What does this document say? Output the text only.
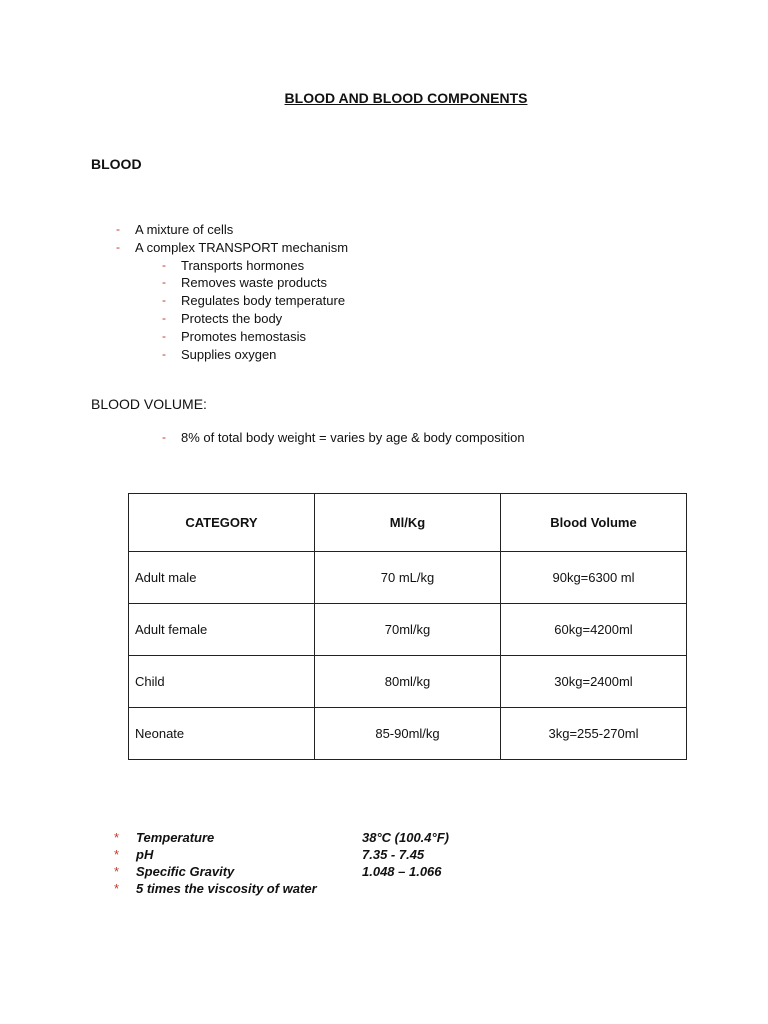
BLOOD AND BLOOD COMPONENTS
BLOOD
- A mixture of cells
- A complex TRANSPORT mechanism
- Transports hormones
- Removes waste products
- Regulates body temperature
- Protects the body
- Promotes hemostasis
- Supplies oxygen
BLOOD VOLUME:
- 8% of total body weight = varies by age & body composition
CATEGORY	Ml/Kg	Blood Volume
Adult male	70 mL/kg	90kg=6300 ml
Adult female	70ml/kg	60kg=4200ml
Child	80ml/kg	30kg=2400ml
Neonate	85-90ml/kg	3kg=255-270ml
* Temperature	38°C (100.4°F)
* pH	7.35 - 7.45
* Specific Gravity	1.048 – 1.066
* 5 times the viscosity of water
